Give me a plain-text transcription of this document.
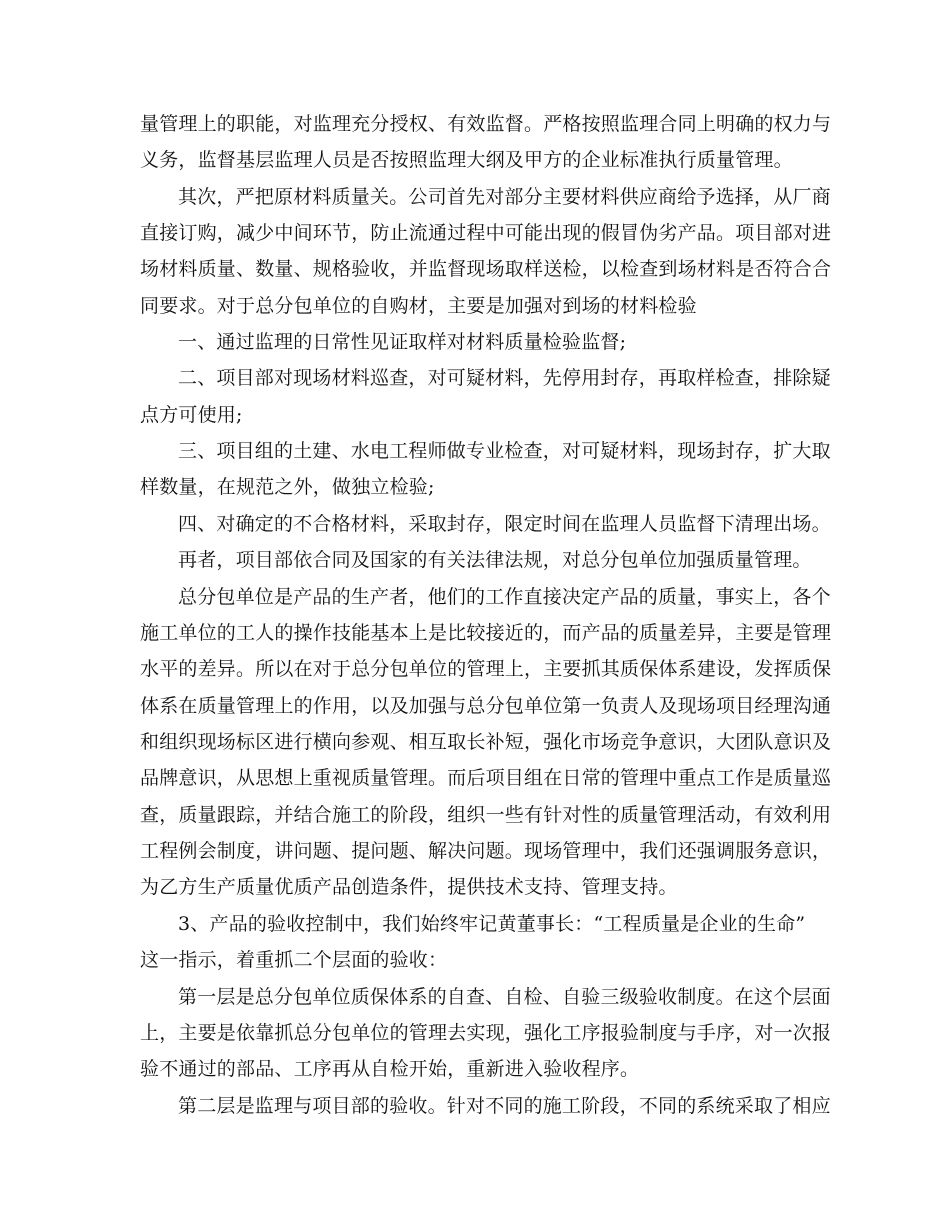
量管理上的职能，对监理充分授权、有效监督。严格按照监理合同上明确的权力与
义务，监督基层监理人员是否按照监理大纲及甲方的企业标准执行质量管理。
其次，严把原材料质量关。公司首先对部分主要材料供应商给予选择，从厂商
直接订购，减少中间环节，防止流通过程中可能出现的假冒伪劣产品。项目部对进
场材料质量、数量、规格验收，并监督现场取样送检，以检查到场材料是否符合合
同要求。对于总分包单位的自购材，主要是加强对到场的材料检验
一、通过监理的日常性见证取样对材料质量检验监督;
二、项目部对现场材料巡查，对可疑材料，先停用封存，再取样检查，排除疑
点方可使用;
三、项目组的土建、水电工程师做专业检查，对可疑材料，现场封存，扩大取
样数量，在规范之外，做独立检验;
四、对确定的不合格材料，采取封存，限定时间在监理人员监督下清理出场。
再者，项目部依合同及国家的有关法律法规，对总分包单位加强质量管理。
总分包单位是产品的生产者，他们的工作直接决定产品的质量，事实上，各个
施工单位的工人的操作技能基本上是比较接近的，而产品的质量差异，主要是管理
水平的差异。所以在对于总分包单位的管理上，主要抓其质保体系建设，发挥质保
体系在质量管理上的作用，以及加强与总分包单位第一负责人及现场项目经理沟通
和组织现场标区进行横向参观、相互取长补短，强化市场竞争意识，大团队意识及
品牌意识，从思想上重视质量管理。而后项目组在日常的管理中重点工作是质量巡
查，质量跟踪，并结合施工的阶段，组织一些有针对性的质量管理活动，有效利用
工程例会制度，讲问题、提问题、解决问题。现场管理中，我们还强调服务意识，
为乙方生产质量优质产品创造条件，提供技术支持、管理支持。
3、产品的验收控制中，我们始终牢记黄董事长：“工程质量是企业的生命”
这一指示，着重抓二个层面的验收：
第一层是总分包单位质保体系的自查、自检、自验三级验收制度。在这个层面
上，主要是依靠抓总分包单位的管理去实现，强化工序报验制度与手序，对一次报
验不通过的部品、工序再从自检开始，重新进入验收程序。
第二层是监理与项目部的验收。针对不同的施工阶段，不同的系统采取了相应
